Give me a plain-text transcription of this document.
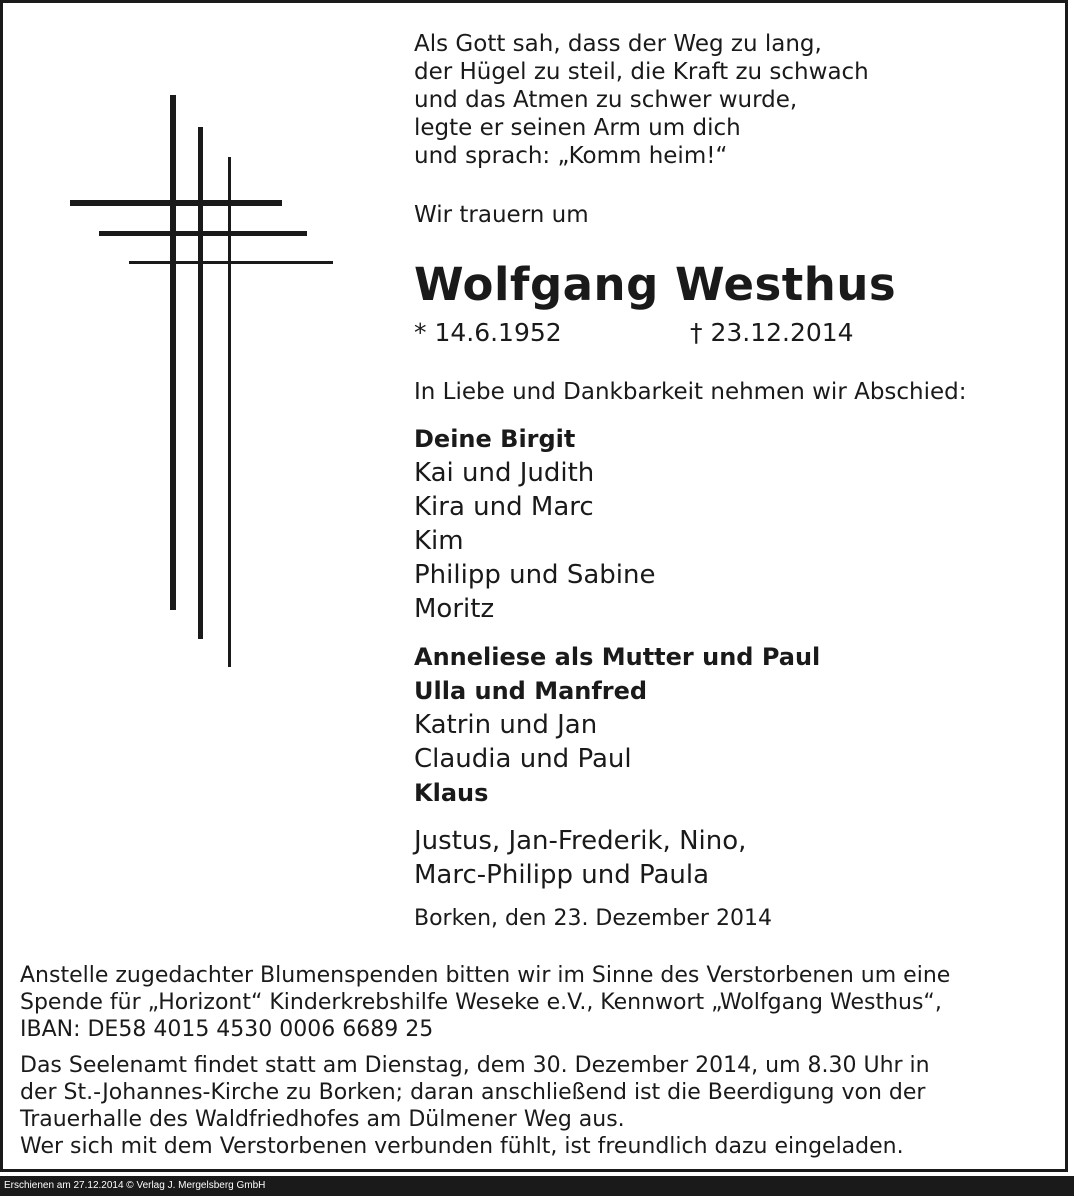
Als Gott sah, dass der Weg zu lang,
der Hügel zu steil, die Kraft zu schwach
und das Atmen zu schwer wurde,
legte er seinen Arm um dich
und sprach: „Komm heim!“
Wir trauern um
Wolfgang Westhus
* 14.6.1952	† 23.12.2014
In Liebe und Dankbarkeit nehmen wir Abschied:
Deine Birgit
Kai und Judith
Kira und Marc
Kim
Philipp und Sabine
Moritz
Anneliese als Mutter und Paul
Ulla und Manfred
Katrin und Jan
Claudia und Paul
Klaus
Justus, Jan-Frederik, Nino,
Marc-Philipp und Paula
Borken, den 23. Dezember 2014
Anstelle zugedachter Blumenspenden bitten wir im Sinne des Verstorbenen um eine
Spende für „Horizont“ Kinderkrebshilfe Weseke e.V., Kennwort „Wolfgang Westhus“,
IBAN: DE58 4015 4530 0006 6689 25
Das Seelenamt findet statt am Dienstag, dem 30. Dezember 2014, um 8.30 Uhr in
der St.-Johannes-Kirche zu Borken; daran anschließend ist die Beerdigung von der
Trauerhalle des Waldfriedhofes am Dülmener Weg aus.
Wer sich mit dem Verstorbenen verbunden fühlt, ist freundlich dazu eingeladen.
Erschienen am 27.12.2014 © Verlag J. Mergelsberg GmbH
